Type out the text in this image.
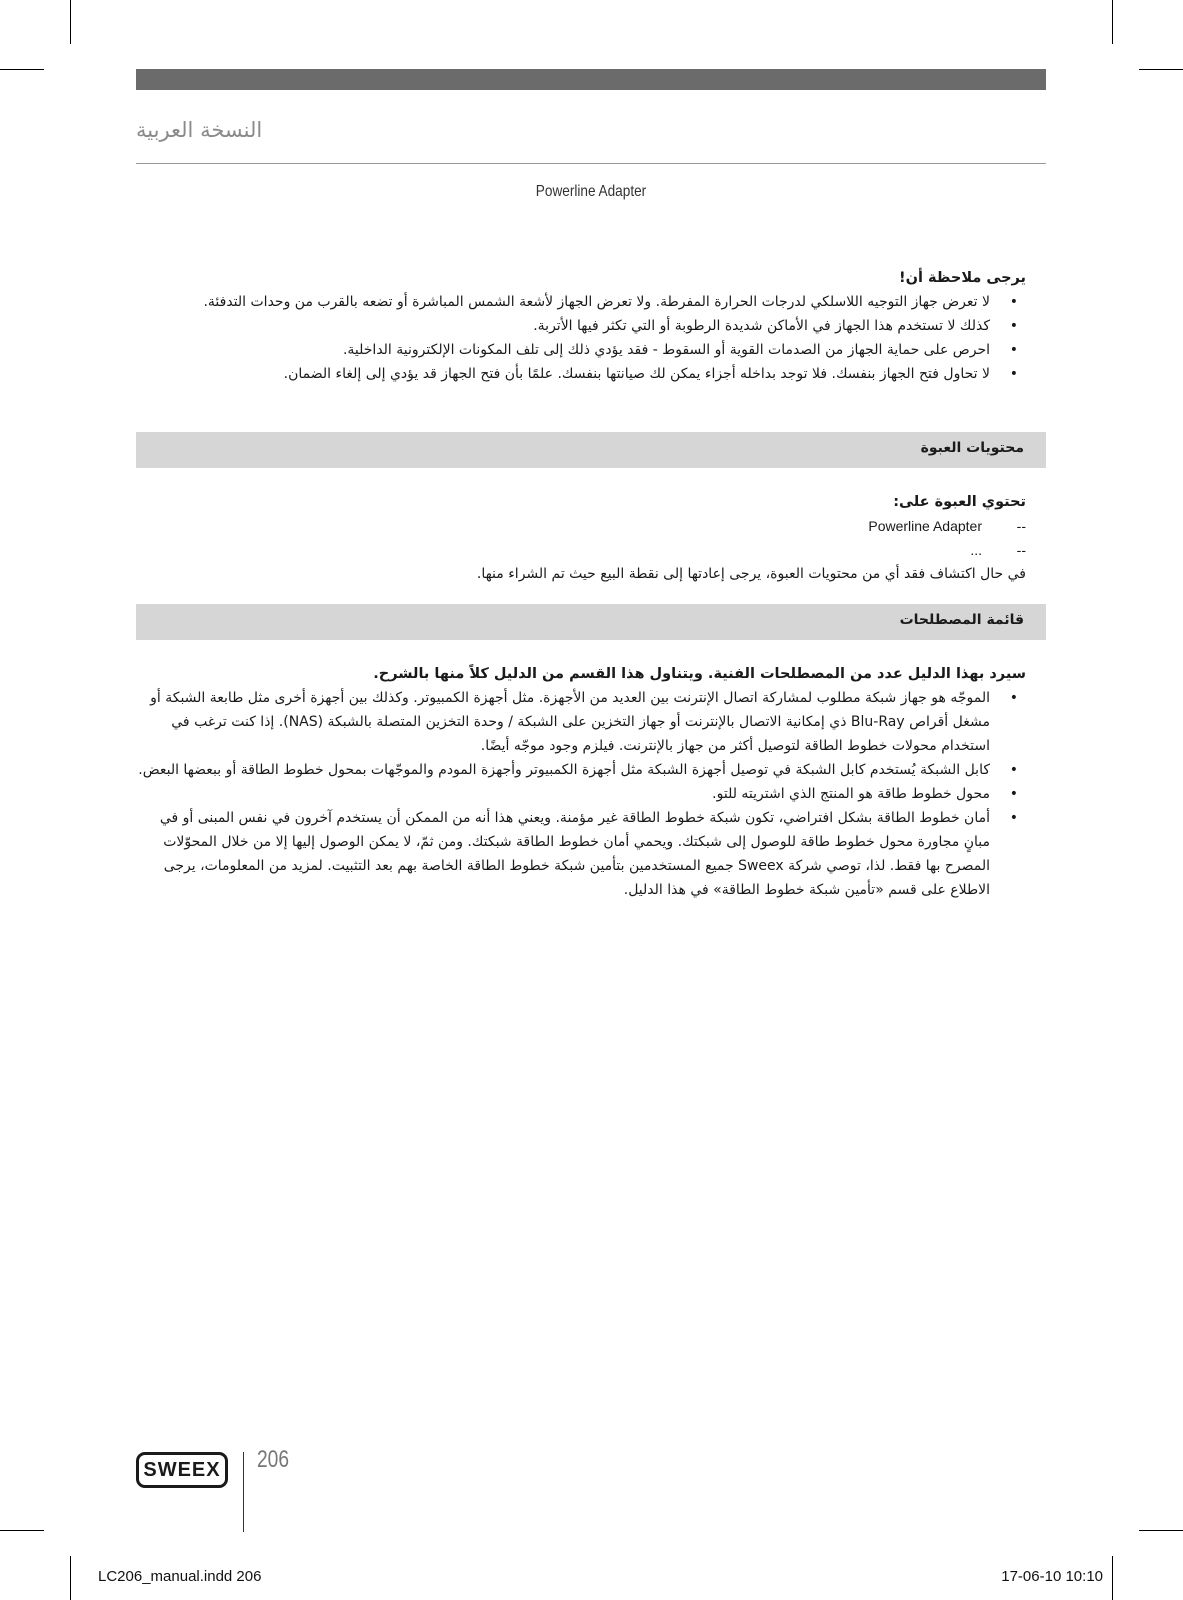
النسخة العربية
Powerline Adapter
يرجى ملاحظة أن!
• لا تعرض جهاز التوجيه اللاسلكي لدرجات الحرارة المفرطة. ولا تعرض الجهاز لأشعة الشمس المباشرة أو تضعه بالقرب من وحدات التدفئة.
• كذلك لا تستخدم هذا الجهاز في الأماكن شديدة الرطوبة أو التي تكثر فيها الأتربة.
• احرص على حماية الجهاز من الصدمات القوية أو السقوط - فقد يؤدي ذلك إلى تلف المكونات الإلكترونية الداخلية.
• لا تحاول فتح الجهاز بنفسك. فلا توجد بداخله أجزاء يمكن لك صيانتها بنفسك. علمًا بأن فتح الجهاز قد يؤدي إلى إلغاء الضمان.
محتويات العبوة
تحتوي العبوة على:
Powerline Adapter --
... --
في حال اكتشاف فقد أي من محتويات العبوة، يرجى إعادتها إلى نقطة البيع حيث تم الشراء منها.
قائمة المصطلحات
سيرد بهذا الدليل عدد من المصطلحات الفنية. ويتناول هذا القسم من الدليل كلاً منها بالشرح.
• الموجّه هو جهاز شبكة مطلوب لمشاركة اتصال الإنترنت بين العديد من الأجهزة. مثل أجهزة الكمبيوتر. وكذلك بين أجهزة أخرى مثل طابعة الشبكة أو مشغل أقراص Blu-Ray ذي إمكانية الاتصال بالإنترنت أو جهاز التخزين على الشبكة / وحدة التخزين المتصلة بالشبكة (NAS). إذا كنت ترغب في استخدام محولات خطوط الطاقة لتوصيل أكثر من جهاز بالإنترنت. فيلزم وجود موجّه أيضًا.
• كابل الشبكة يُستخدم كابل الشبكة في توصيل أجهزة الشبكة مثل أجهزة الكمبيوتر وأجهزة المودم والموجّهات بمحول خطوط الطاقة أو ببعضها البعض.
• محول خطوط طاقة هو المنتج الذي اشتريته للتو.
• أمان خطوط الطاقة بشكل افتراضي، تكون شبكة خطوط الطاقة غير مؤمنة. ويعني هذا أنه من الممكن أن يستخدم آخرون في نفس المبنى أو في مبانٍ مجاورة محول خطوط طاقة للوصول إلى شبكتك. ويحمي أمان خطوط الطاقة شبكتك. ومن ثمّ، لا يمكن الوصول إليها إلا من خلال المحوّلات المصرح بها فقط. لذا، توصي شركة Sweex جميع المستخدمين بتأمين شبكة خطوط الطاقة الخاصة بهم بعد التثبيت. لمزيد من المعلومات، يرجى الاطلاع على قسم «تأمين شبكة خطوط الطاقة» في هذا الدليل.
SWEEX	206
LC206_manual.indd 206	17-06-10 10:10
